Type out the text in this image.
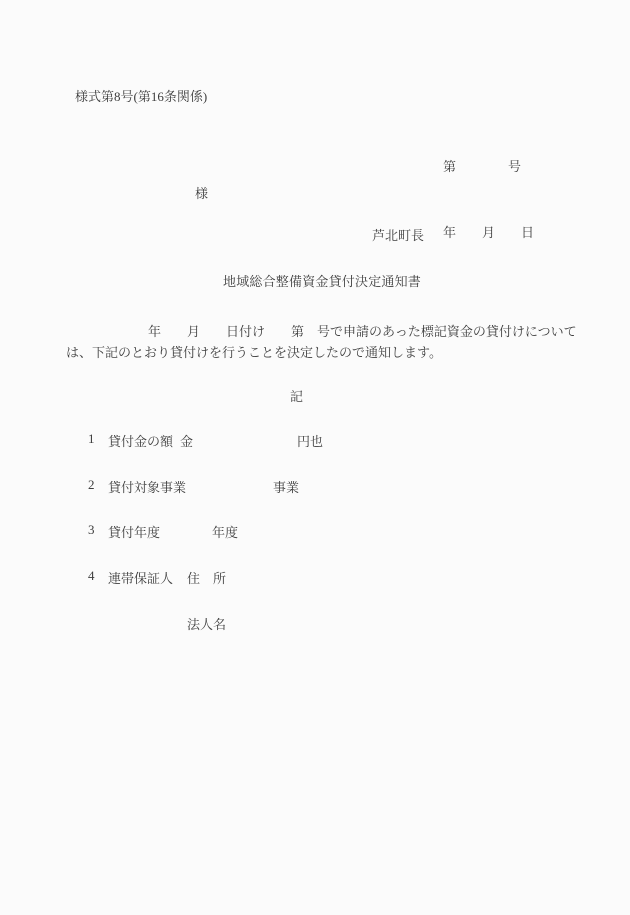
様式第8号(第16条関係)

第　　　　号

年　　月　　日

様
芦北町長
地域総合整備資金貸付決定通知書
年　　月　　日付け　　第　号で申請のあった標記資金の貸付けについて
は、下記のとおり貸付けを行うことを決定したので通知します。
記
1 貸付金の額 金　　　　　　　　円也
2 貸付対象事業	事業
3 貸付年度	年度
4 連帯保証人 住　所
法人名
